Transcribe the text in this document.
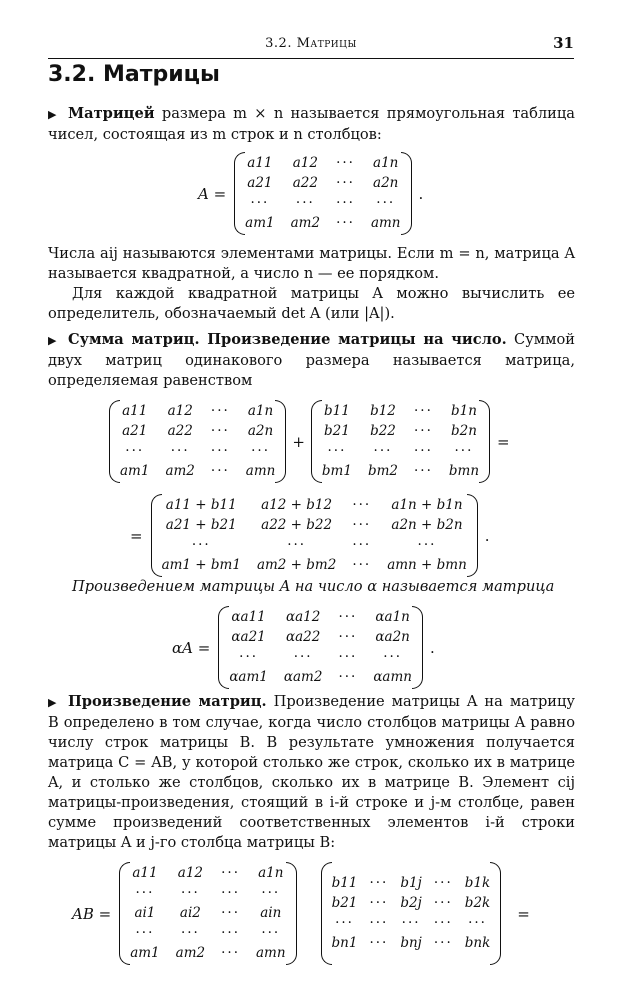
3.2. Матрицы	31
3.2. Матрицы

▶ Матрицей размера m × n называется прямоугольная таблица чисел, состоящая из m строк и n столбцов:

A =
a11 a12 ··· a1n
a21 a22 ··· a2n
···	···	···	···
am1 am2 ··· amn
.

Числа aij называются элементами матрицы. Если m = n, матрица A называется квадратной, а число n — ее порядком.

Для каждой квадратной матрицы A можно вычислить ее определитель, обозначаемый det A (или |A|).

▶ Сумма матриц. Произведение матрицы на число. Суммой двух матриц одинакового размера называется матрица, определяемая равенством

a11 a12 ··· a1n
a21 a22 ··· a2n
···	···	···	···
am1 am2 ··· amn
+
b11 b12 ··· b1n
b21 b22 ··· b2n
···	···	···	···
bm1 bm2 ··· bmn
=
=
a11 + b11	a12 + b12	···	a1n + b1n
a21 + b21	a22 + b22	···	a2n + b2n
···	···	···	···
am1 + bm1 am2 + bm2 ··· amn + bmn
.

Произведением матрицы A на число α называется матрица

αA =
αa11 αa12 ··· αa1n
αa21 αa22 ··· αa2n
···	···	···	···
αam1 αam2 ··· αamn
.

▶ Произведение матриц. Произведение матрицы A на матрицу B определено в том случае, когда число столбцов матрицы A равно числу строк матрицы B. В результате умножения получается матрица C = AB, у которой столько же строк, сколько их в матрице A, и столько же столбцов, сколько их в матрице B. Элемент cij матрицы-произведения, стоящий в i-й строке и j-м столбце, равен сумме произведений соответственных элементов i-й строки матрицы A и j-го столбца матрицы B:

AB =
a11 a12 ··· a1n
···	···	···	···
ai1	ai2	···	ain
···	···	···	···
am1 am2 ··· amn
b11 ··· b1j ··· b1k
b21 ··· b2j ··· b2k
··· ··· ··· ··· ···
bn1 ··· bnj ··· bnk
=
